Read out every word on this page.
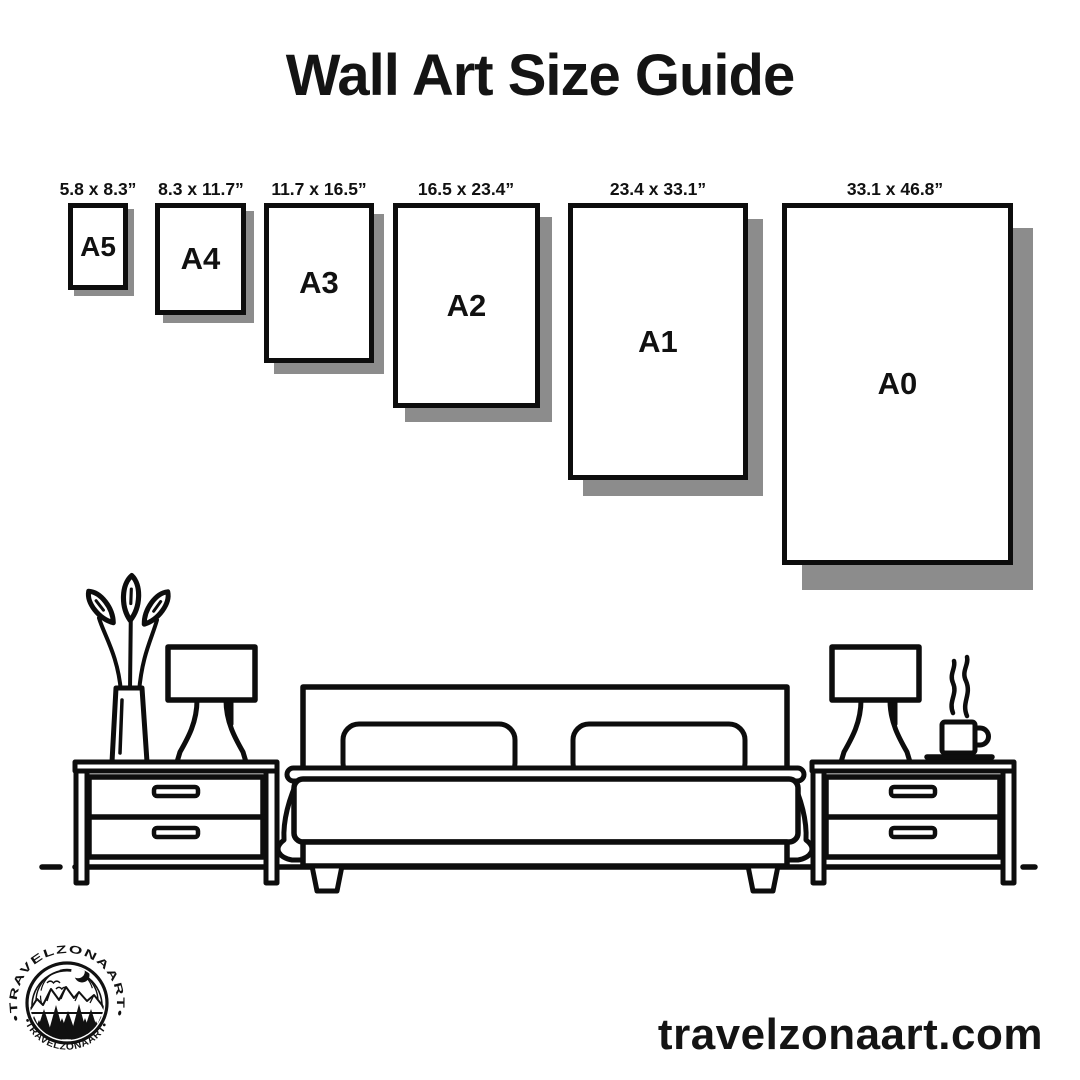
Wall Art Size Guide
5.8 x 8.3” 8.3 x 11.7” 11.7 x 16.5”	16.5 x 23.4”	23.4 x 33.1”	33.1 x 46.8”
A5 A4
A3
A2
A1
A0
•TRAVELZONAART•
•TRAVELZONAART•	travelzonaart.com
